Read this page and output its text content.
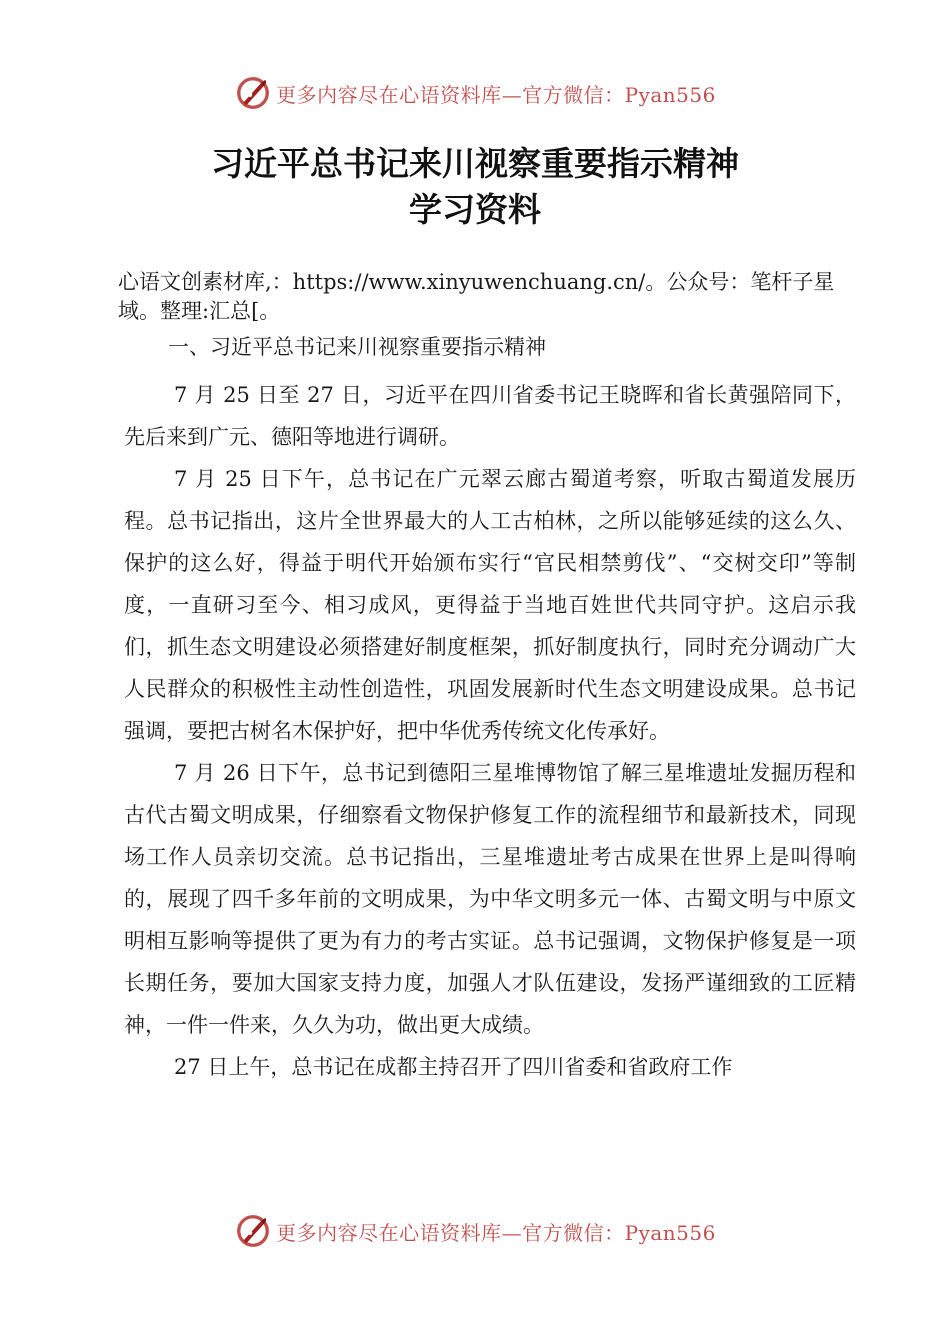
更多内容尽在心语资料库—官方微信：Pyan556
习近平总书记来川视察重要指示精神
学习资料

心语文创素材库,：https://www.xinyuwenchuang.cn/。公众号：笔杆子星域。整理:汇总[。

一、习近平总书记来川视察重要指示精神

7 月 25 日至 27 日，习近平在四川省委书记王晓晖和省长黄强陪同下，先后来到广元、德阳等地进行调研。

7 月 25 日下午，总书记在广元翠云廊古蜀道考察，听取古蜀道发展历程。总书记指出，这片全世界最大的人工古柏林，之所以能够延续的这么久、保护的这么好，得益于明代开始颁布实行“官民相禁剪伐”、“交树交印”等制度，一直研习至今、相习成风，更得益于当地百姓世代共同守护。这启示我们，抓生态文明建设必须搭建好制度框架，抓好制度执行，同时充分调动广大人民群众的积极性主动性创造性，巩固发展新时代生态文明建设成果。总书记强调，要把古树名木保护好，把中华优秀传统文化传承好。

7 月 26 日下午，总书记到德阳三星堆博物馆了解三星堆遗址发掘历程和古代古蜀文明成果，仔细察看文物保护修复工作的流程细节和最新技术，同现场工作人员亲切交流。总书记指出，三星堆遗址考古成果在世界上是叫得响的，展现了四千多年前的文明成果，为中华文明多元一体、古蜀文明与中原文明相互影响等提供了更为有力的考古实证。总书记强调，文物保护修复是一项长期任务，要加大国家支持力度，加强人才队伍建设，发扬严谨细致的工匠精神，一件一件来，久久为功，做出更大成绩。

27 日上午，总书记在成都主持召开了四川省委和省政府工作

更多内容尽在心语资料库—官方微信：Pyan556
